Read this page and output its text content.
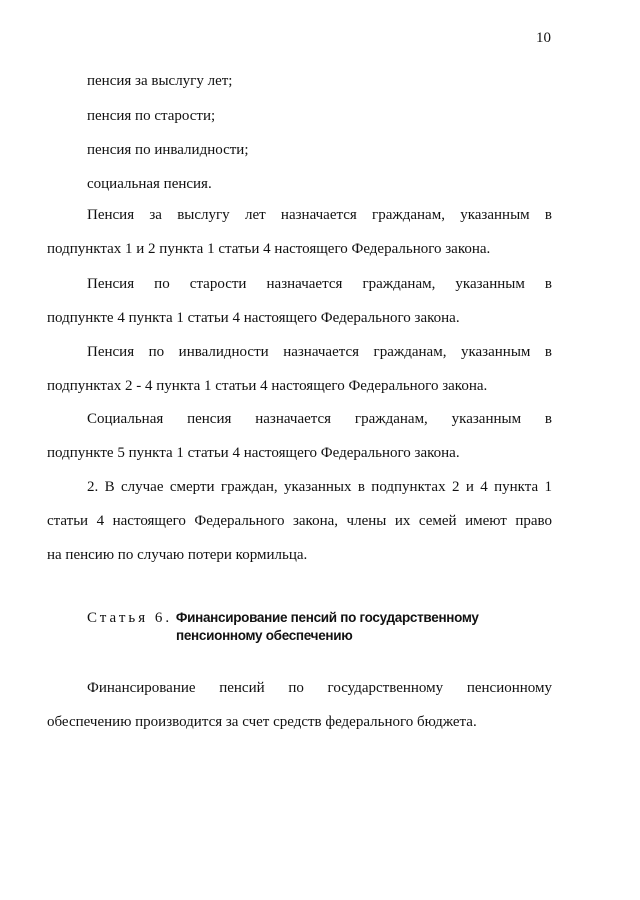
10
пенсия за выслугу лет;
пенсия по старости;
пенсия по инвалидности;
социальная пенсия.
Пенсия за выслугу лет назначается гражданам, указанным в
подпунктах 1 и 2 пункта 1 статьи 4 настоящего Федерального закона.
Пенсия по старости назначается гражданам, указанным в
подпункте 4 пункта 1 статьи 4 настоящего Федерального закона.
Пенсия по инвалидности назначается гражданам, указанным в
подпунктах 2 - 4 пункта 1 статьи 4 настоящего Федерального закона.
Социальная пенсия назначается гражданам, указанным в
подпункте 5 пункта 1 статьи 4 настоящего Федерального закона.
2. В случае смерти граждан, указанных в подпунктах 2 и 4 пункта 1
статьи 4 настоящего Федерального закона, члены их семей имеют право
на пенсию по случаю потери кормильца.
Статья 6. Финансирование пенсий по государственному
пенсионному обеспечению
Финансирование пенсий по государственному пенсионному
обеспечению производится за счет средств федерального бюджета.
